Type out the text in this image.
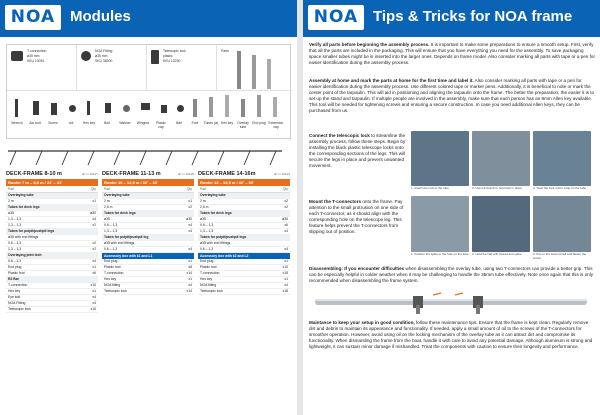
NOA Modules
T-connection
ø35 mm
SKU 10051
NOA Fitting
ø35 mm
SKU 38300
Telescopic lock
plastic
SKU 10250
Parts
Wrench	Alu bolt	Screw	nut	Hex key	Bolt	Washer	Wingnut	Plastic cap
Ball	Foot	Tubes (ø) Hex key	Overlay tube
End plug Extension cap
DECK-FRAME 8-10 m	art nr 10127
Roofer 7 m – 5,5 m / 23' – 31'
Part	Qty
Overlaying tube
2 m	x1
Tubes for deck legs
ø35	ø30
1,3 – 1,3	x4
1,3 – 1,3	x2
Tubes for pulpit/pushpit legs
ø35 with end fittings
0,6 – 1,3	x2
1,3 – 1,3	x2
Overlaying joint tech
0,6 – 1,3	x4
End plug	x1
Plastic foot	x6
R2 Bar
T-connection	x10
Hex key	x1
Eye bolt	x4
NOA Fitting	x4
Telescopic lock	x10
DECK-FRAME 11-13 m	art nr 10128
Roofer 10 – 12,5 m / 32' – 41'
Part	Qty
Overlaying tube
2 m	x1
2,5 m	x2
Tubes for deck legs
ø35	ø30
0,6 – 1,3	x4
1,3 – 1,3	x4
Tubes for pulpit/pushpit leg
ø35 with end fittings
0,6 – 1,3	x4
Accessory box with k1 and L1
End plug	x1
Plastic foot	x8
T-connection	x14
Hex key	x1
NOA fitting	x4
Telescopic lock	x14
DECK-FRAME 14-16m	art nr 10129
Roofer 13 – 15,5 m / 42' – 50'
Part	Qty
Overlaying tube
2 m	x2
2,5 m	x2
Tubes for deck legs
ø35	ø30
0,6 – 1,3	x6
1,3 – 1,3	x4
Tubes for pulpit/pushpit legs
ø35 with end fittings
0,6 – 1,3	x4
Accessory box with k2 and L2
End plug	x1
Plastic foot	x10
T-connection	x18
Hex key	x1
NOA fitting	x4
Telescopic lock	x18
NOA Tips & Tricks for NOA frame
Verify all parts before beginning the assembly process. It is important to make some preparations to ensure a smooth setup. First, verify that all the parts are included in the packaging. This will ensure that you have everything you need for the assembly. To save packaging space smaller tubes might be is inserted into the larger ones. Depends on frame model. Also consider marking all parts with tape or a pen for easier identification during the assembly process.
Assembly at home and mark the parts at home for the first time and label it. Also consider marking all parts with tape or a pen for easier identification during the assembly process. Use different colored tape or marker pens. Additionally, it is beneficial to note or mark the center point of the tarpaulin. This will aid in positioning and aligning the tarpaulin onto the frame. The better the preparation, the easier it is to set up the stand and tarpaulin. If multiple people are involved in the assembly, make sure that each person has an 8mm Allen key available. This tool will be needed for tightening screws and ensuring a secure construction. In case you need additional Allen keys, they can be purchased from us.
Connect the telescopic lock to streamline the assembly process, follow these steps. Begin by installing the black plastic telescope locks onto the corresponding sections of the legs. This will secure the legs in place and prevent unwanted movement.
1. Attach the lock to the tube	2. Use left thumb to hold lock in place	3. Twist the lock until it snap on the tube
Mount the T-connectors onto the frame. Pay attention to the small protrusion on one side of each T-connector, as it should align with the corresponding hole on the telescope leg. This feature helps prevent the T-connectors from slipping out of position.
1. Position the spike to the hole on the tube 2. Hold the half with thread and spike	3. Put on the second half and fasten the screw
Disassembling: If you encounter difficulties when disassembling the overlay tube, using two T-connectors can provide a better grip. This can be especially helpful in colder weather when it may be challenging to handle the 35mm tube effectively. Note once again that this is only recommended when disassembling the frame system.
Maintance to keep your setup in good condition, follow these maintenance tips. Ensure that the frame is kept clean. Regularly remove dirt and debris to maintain its appearance and functionality. If needed, apply a small amount of oil to the screws of the T-connectors for smoother operation. However, avoid using oil on the locking mechanism of the overlay tube as it can attract dirt and compromise its functionality. When dismantling the frame from the boat, handle it with care to avoid any potential damage. Although aluminum is strong and lightweight, it can sustain minor damage if mishandled. Treat the components with caution to ensure their longevity and performance.
